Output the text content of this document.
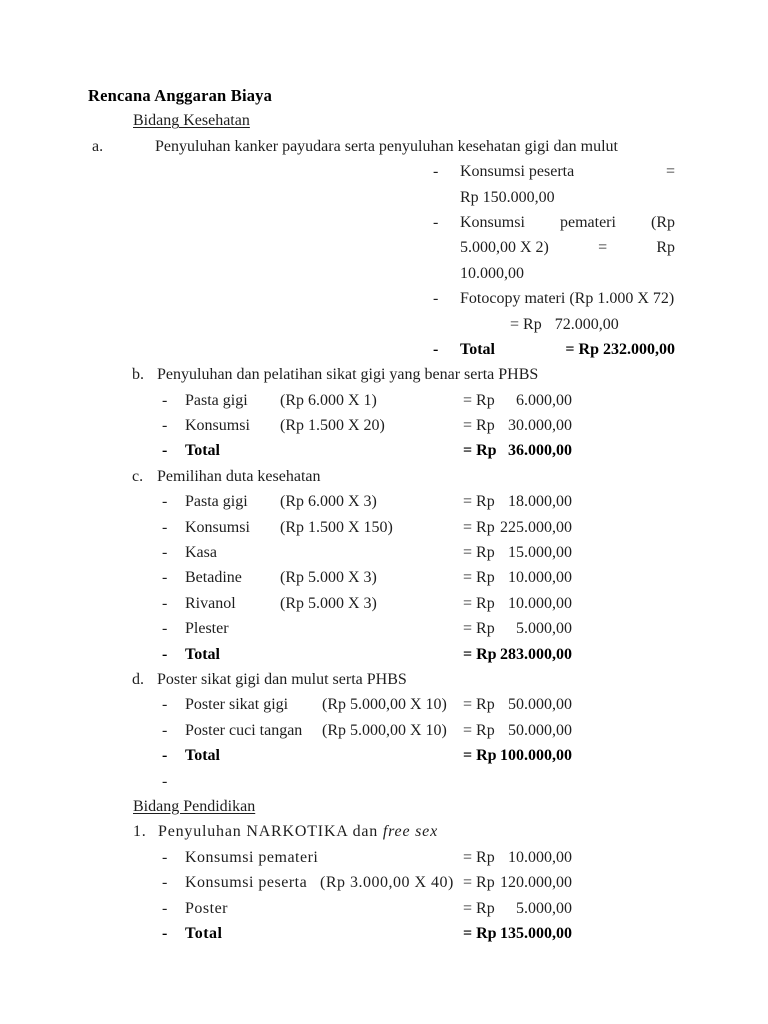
Rencana Anggaran Biaya
Bidang Kesehatan
a.	Penyuluhan kanker payudara serta penyuluhan kesehatan gigi dan mulut
-	Konsumsi peserta	=
Rp 150.000,00
-	Konsumsi pemateri (Rp
5.000,00 X 2)	=	Rp
10.000,00
-	Fotocopy materi (Rp 1.000 X 72)
= Rp 72.000,00
-	Total	= Rp 232.000,00
b. Penyuluhan dan pelatihan sikat gigi yang benar serta PHBS
-	Pasta gigi	(Rp 6.000 X 1)	= Rp 6.000,00
-	Konsumsi	(Rp 1.500 X 20)	= Rp 30.000,00
-	Total	= Rp 36.000,00
c. Pemilihan duta kesehatan
-	Pasta gigi	(Rp 6.000 X 3)	= Rp 18.000,00
-	Konsumsi	(Rp 1.500 X 150)	= Rp 225.000,00
-	Kasa	= Rp 15.000,00
-	Betadine	(Rp 5.000 X 3)	= Rp 10.000,00
-	Rivanol	(Rp 5.000 X 3)	= Rp 10.000,00
-	Plester	= Rp 5.000,00
-	Total	= Rp 283.000,00
d. Poster sikat gigi dan mulut serta PHBS
-	Poster sikat gigi	(Rp 5.000,00 X 10)	= Rp 50.000,00
-	Poster cuci tangan	(Rp 5.000,00 X 10)	= Rp 50.000,00
-	Total	= Rp 100.000,00
-
Bidang Pendidikan
1. Penyuluhan NARKOTIKA dan free sex
-	Konsumsi pemateri	= Rp 10.000,00
-	Konsumsi peserta (Rp 3.000,00 X 40) = Rp 120.000,00
-	Poster	= Rp 5.000,00
-	Total	= Rp 135.000,00
